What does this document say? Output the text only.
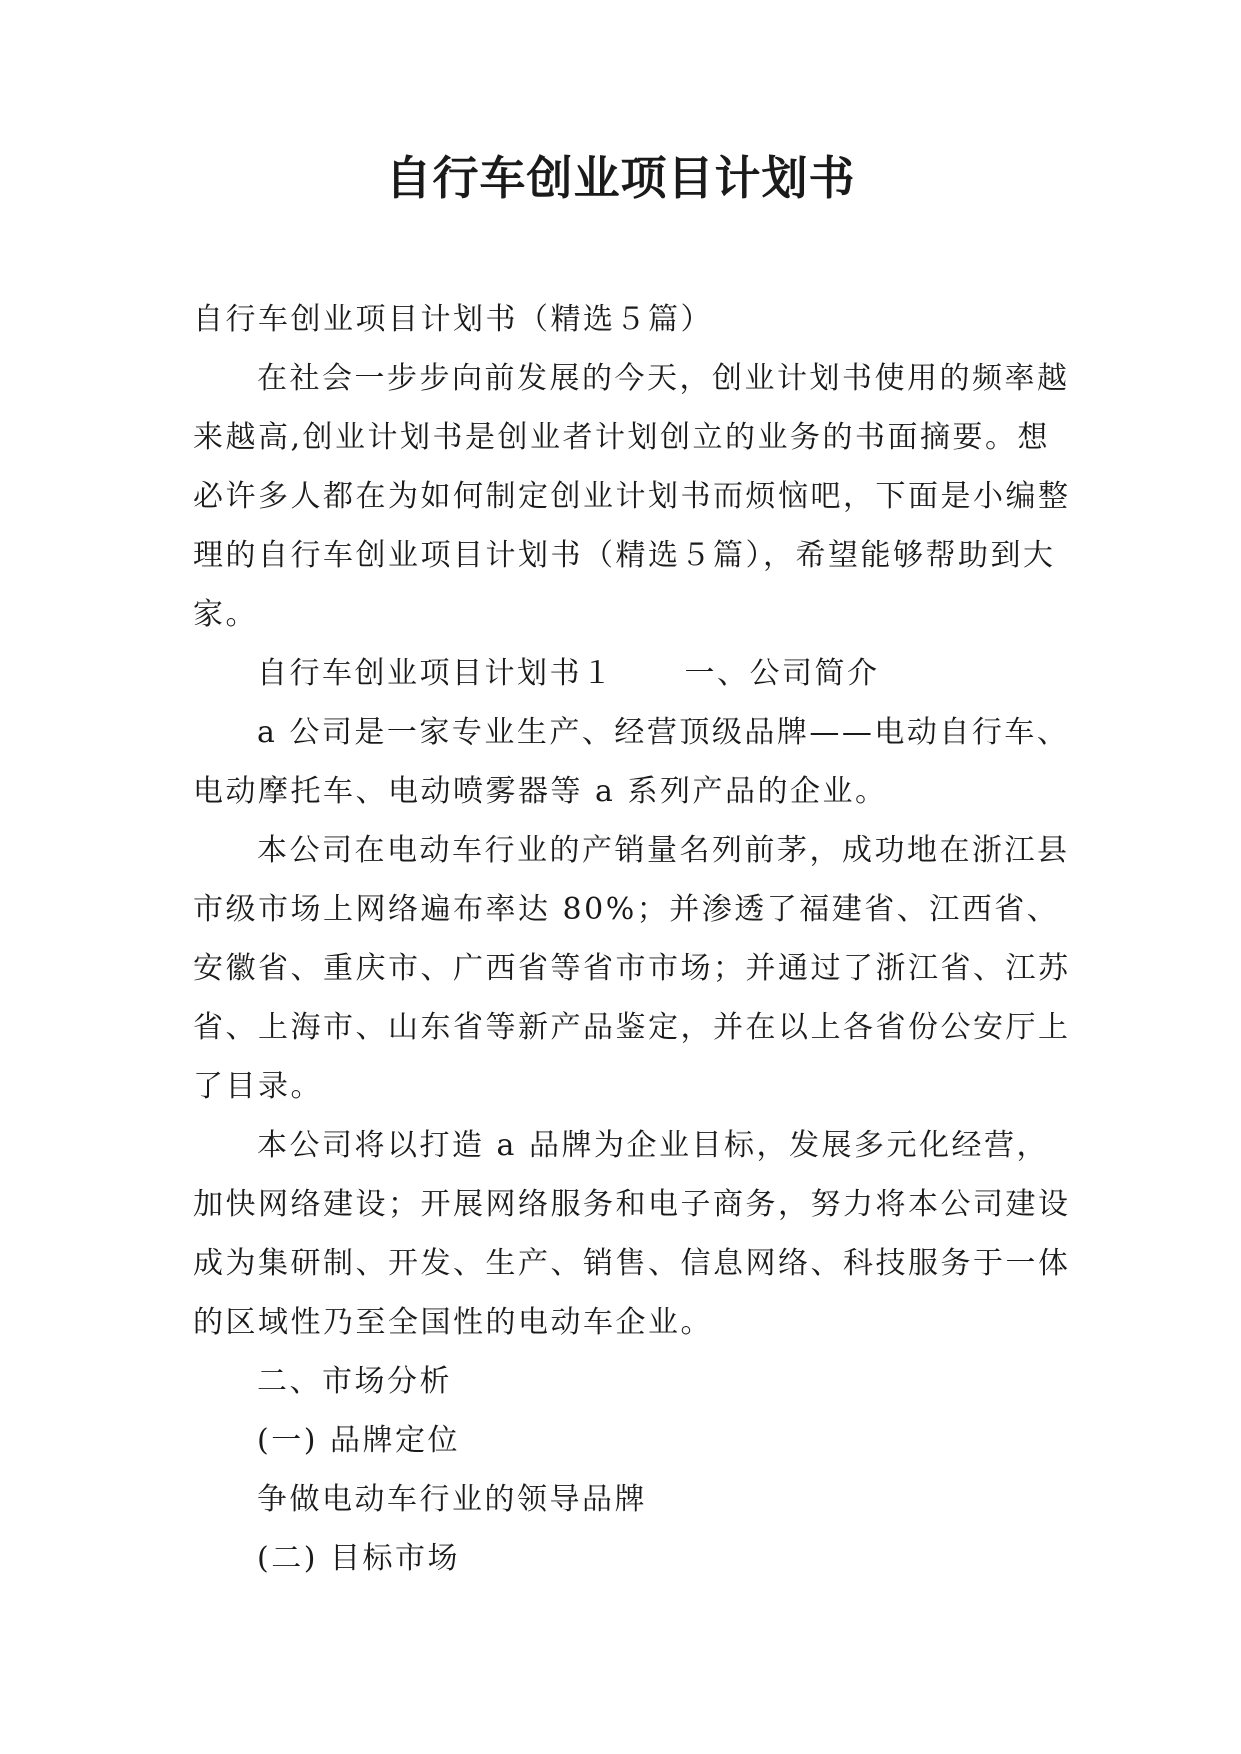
自行车创业项目计划书

自行车创业项目计划书（精选５篇）

在社会一步步向前发展的今天，创业计划书使用的频率越来越高,创业计划书是创业者计划创立的业务的书面摘要。想必许多人都在为如何制定创业计划书而烦恼吧，下面是小编整理的自行车创业项目计划书（精选５篇），希望能够帮助到大家。

自行车创业项目计划书１ 一、公司简介

a 公司是一家专业生产、经营顶级品牌——电动自行车、电动摩托车、电动喷雾器等 a 系列产品的企业。

本公司在电动车行业的产销量名列前茅，成功地在浙江县市级市场上网络遍布率达 80%；并渗透了福建省、江西省、安徽省、重庆市、广西省等省市市场；并通过了浙江省、江苏省、上海市、山东省等新产品鉴定，并在以上各省份公安厅上了目录。

本公司将以打造 a 品牌为企业目标，发展多元化经营，加快网络建设；开展网络服务和电子商务，努力将本公司建设成为集研制、开发、生产、销售、信息网络、科技服务于一体的区域性乃至全国性的电动车企业。

二、市场分析

(一) 品牌定位

争做电动车行业的领导品牌

(二) 目标市场
